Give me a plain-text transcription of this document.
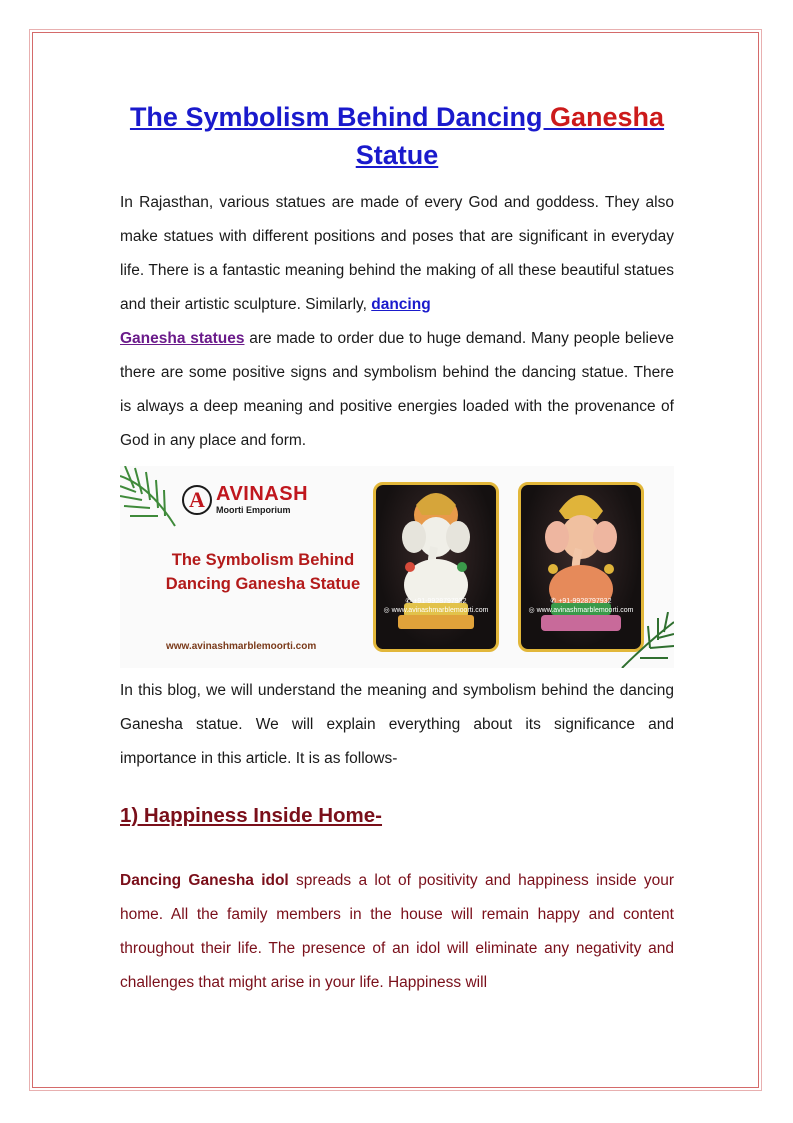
The Symbolism Behind Dancing Ganesha
Statue

In Rajasthan, various statues are made of every God and goddess. They also make statues with different positions and poses that are significant in everyday life. There is a fantastic meaning behind the making of all these beautiful statues and their artistic sculpture. Similarly, dancing
Ganesha statues are made to order due to huge demand. Many people believe there are some positive signs and symbolism behind the dancing statue. There is always a deep meaning and positive energies loaded with the provenance of God in any place and form.

A AVINASH
Moorti Emporium
The Symbolism Behind
Dancing Ganesha Statue
www.avinashmarblemoorti.com
✆ +91-9928797932
◎ www.avinashmarblemoorti.com
✆ +91-9928797932
◎ www.avinashmarblemoorti.com

In this blog, we will understand the meaning and symbolism behind the dancing Ganesha statue. We will explain everything about its significance and importance in this article. It is as follows-

1) Happiness Inside Home-

Dancing Ganesha idol spreads a lot of positivity and happiness inside your home. All the family members in the house will remain happy and content throughout their life. The presence of an idol will eliminate any negativity and challenges that might arise in your life. Happiness will
